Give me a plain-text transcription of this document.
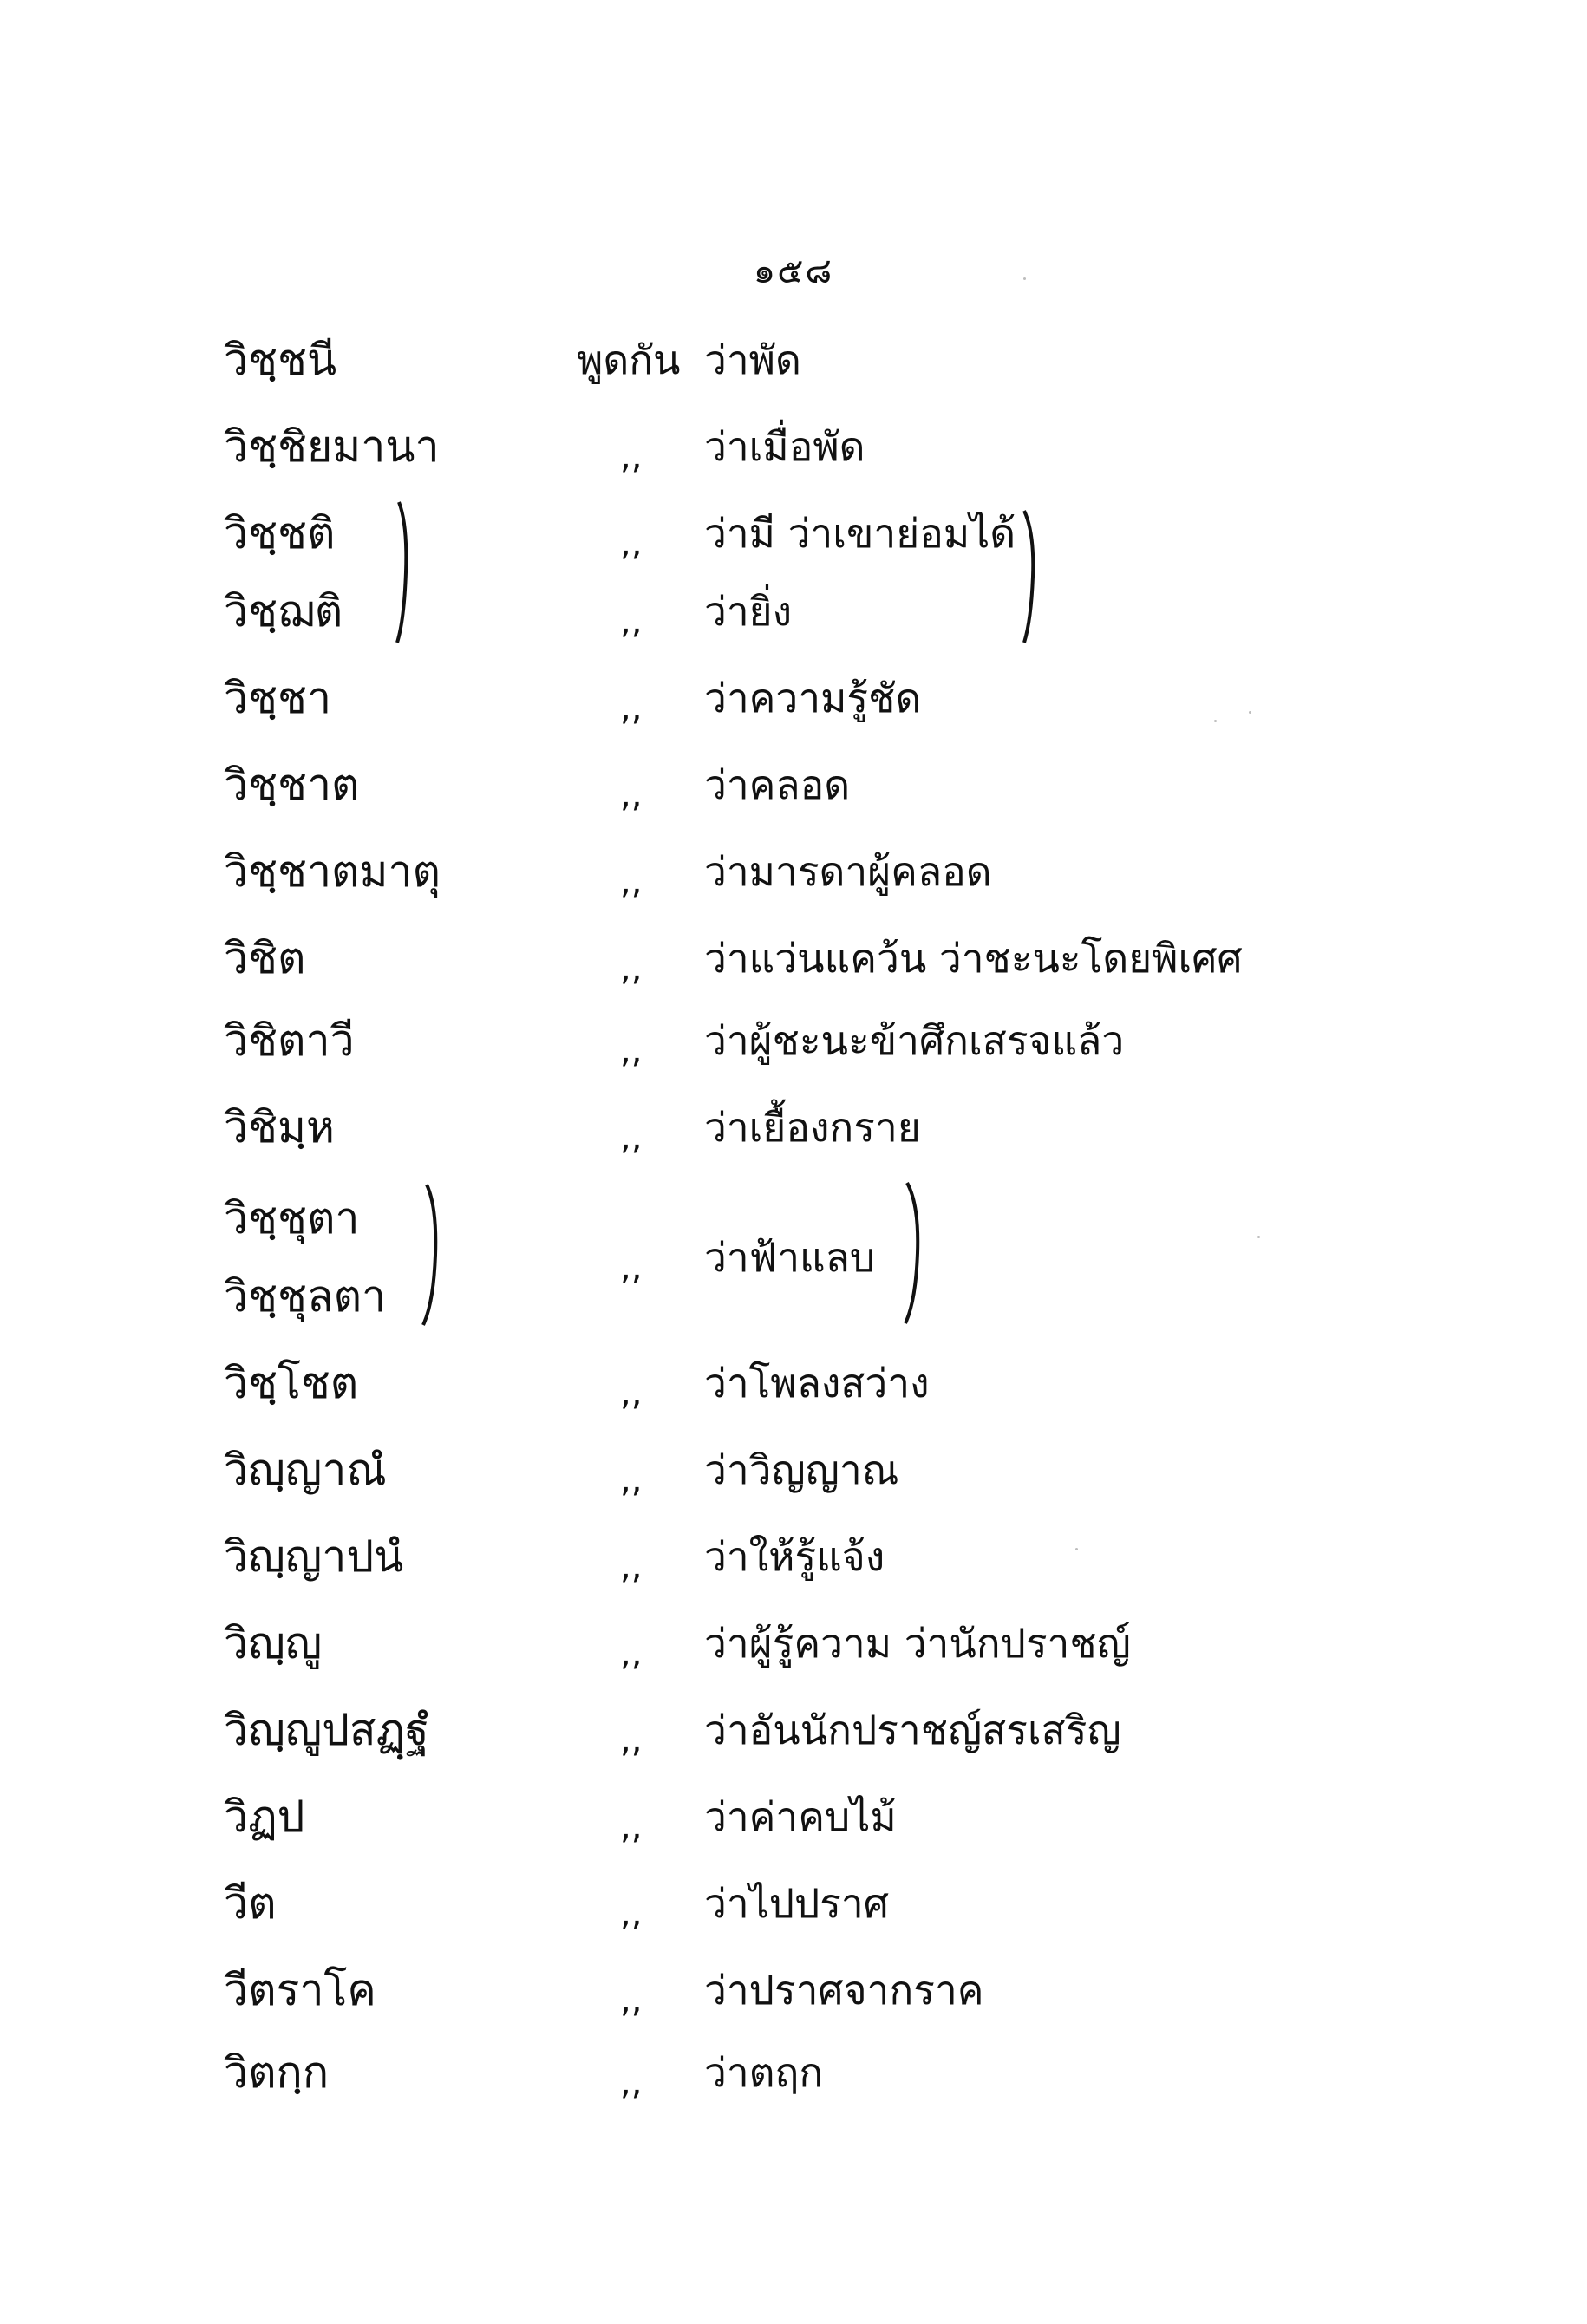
๑๕๘
วิชฺชนี	พูดกัน ว่าพัด
วิชฺชิยมานา	,, ว่าเมื่อพัด
วิชฺชติ	,, ว่ามี ว่าเขาย่อมได้
วิชฺฌติ	,, ว่ายิ่ง
วิชฺชา	,, ว่าความรู้ชัด
วิชฺชาต	,, ว่าคลอด
วิชฺชาตมาตุ	,, ว่ามารดาผู้คลอด
วิชิต	,, ว่าแว่นแคว้น ว่าชะนะโดยพิเศศ
วิชิตาวี	,, ว่าผู้ชะนะข้าศึกเสรจแล้ว
วิชิมฺห	,, ว่าเยื้องกราย
วิชฺชุตา
วิชฺชุลตา
,, ว่าฟ้าแลบ
วิชฺโชต	,, ว่าโพลงสว่าง
วิญฺญาณํ	,, ว่าวิญญาณ
วิญฺญาปนํ	,, ว่าให้รู้แจ้ง
วิญฺญู	,, ว่าผู้รู้ความ ว่านักปราชญ์
วิญฺญูปสฏฺฐํ	,, ว่าอันนักปราชญ์สรเสริญ
วิฏป	,, ว่าค่าคบไม้
วีต	,, ว่าไปปราศ
วีตราโค	,, ว่าปราศจากราค
วิตกฺก	,, ว่าตฤก
